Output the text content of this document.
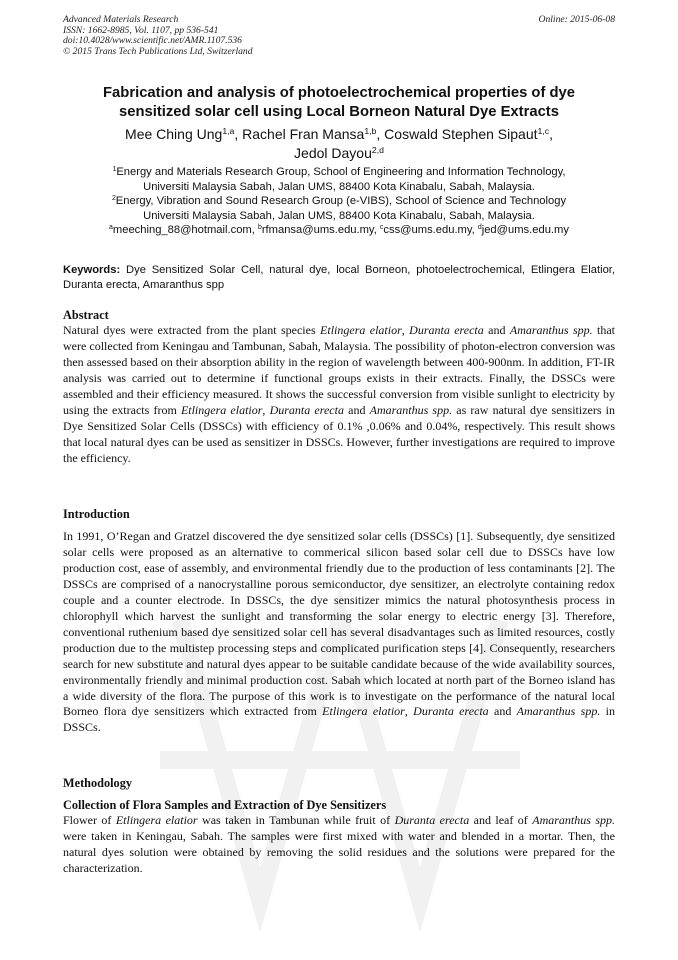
Advanced Materials Research
ISSN: 1662-8985, Vol. 1107, pp 536-541
doi:10.4028/www.scientific.net/AMR.1107.536
© 2015 Trans Tech Publications Ltd, Switzerland
Online: 2015-06-08
Fabrication and analysis of photoelectrochemical properties of dye
sensitized solar cell using Local Borneon Natural Dye Extracts
Mee Ching Ung$^{1,a}$, Rachel Fran Mansa$^{1,b}$, Coswald Stephen Sipaut$^{1,c}$,
Jedol Dayou$^{2,d}$
$^1$Energy and Materials Research Group, School of Engineering and Information Technology,
Universiti Malaysia Sabah, Jalan UMS, 88400 Kota Kinabalu, Sabah, Malaysia.
$^2$Energy, Vibration and Sound Research Group (e-VIBS), School of Science and Technology
Universiti Malaysia Sabah, Jalan UMS, 88400 Kota Kinabalu, Sabah, Malaysia.
$^a$meeching_88@hotmail.com, $^b$rfmansa@ums.edu.my, $^c$css@ums.edu.my, $^d$jed@ums.edu.my
Keywords: Dye Sensitized Solar Cell, natural dye, local Borneon, photoelectrochemical, Etlingera Elatior, Duranta erecta, Amaranthus spp
Abstract
Natural dyes were extracted from the plant species Etlingera elatior, Duranta erecta and Amaranthus spp. that were collected from Keningau and Tambunan, Sabah, Malaysia. The possibility of photon-electron conversion was then assessed based on their absorption ability in the region of wavelength between 400-900nm. In addition, FT-IR analysis was carried out to determine if functional groups exists in their extracts. Finally, the DSSCs were assembled and their efficiency measured. It shows the successful conversion from visible sunlight to electricity by using the extracts from Etlingera elatior, Duranta erecta and Amaranthus spp. as raw natural dye sensitizers in Dye Sensitized Solar Cells (DSSCs) with efficiency of 0.1% ,0.06% and 0.04%, respectively. This result shows that local natural dyes can be used as sensitizer in DSSCs. However, further investigations are required to improve the efficiency.
Introduction
In 1991, O’Regan and Gratzel discovered the dye sensitized solar cells (DSSCs) [1]. Subsequently, dye sensitized solar cells were proposed as an alternative to commerical silicon based solar cell due to DSSCs have low production cost, ease of assembly, and environmental friendly due to the production of less contaminants [2]. The DSSCs are comprised of a nanocrystalline porous semiconductor, dye sensitizer, an electrolyte containing redox couple and a counter electrode. In DSSCs, the dye sensitizer mimics the natural photosynthesis process in chlorophyll which harvest the sunlight and transforming the solar energy to electric energy [3]. Therefore, conventional ruthenium based dye sensitized solar cell has several disadvantages such as limited resources, costly production due to the multistep processing steps and complicated purification steps [4]. Consequently, researchers search for new substitute and natural dyes appear to be suitable candidate because of the wide availability sources, environmentally friendly and minimal production cost. Sabah which located at north part of the Borneo island has a wide diversity of the flora. The purpose of this work is to investigate on the performance of the natural local Borneo flora dye sensitizers which extracted from Etlingera elatior, Duranta erecta and Amaranthus spp. in DSSCs.
Methodology
Collection of Flora Samples and Extraction of Dye Sensitizers
Flower of Etlingera elatior was taken in Tambunan while fruit of Duranta erecta and leaf of Amaranthus spp. were taken in Keningau, Sabah. The samples were first mixed with water and blended in a mortar. Then, the natural dyes solution were obtained by removing the solid residues and the solutions were prepared for the characterization.
